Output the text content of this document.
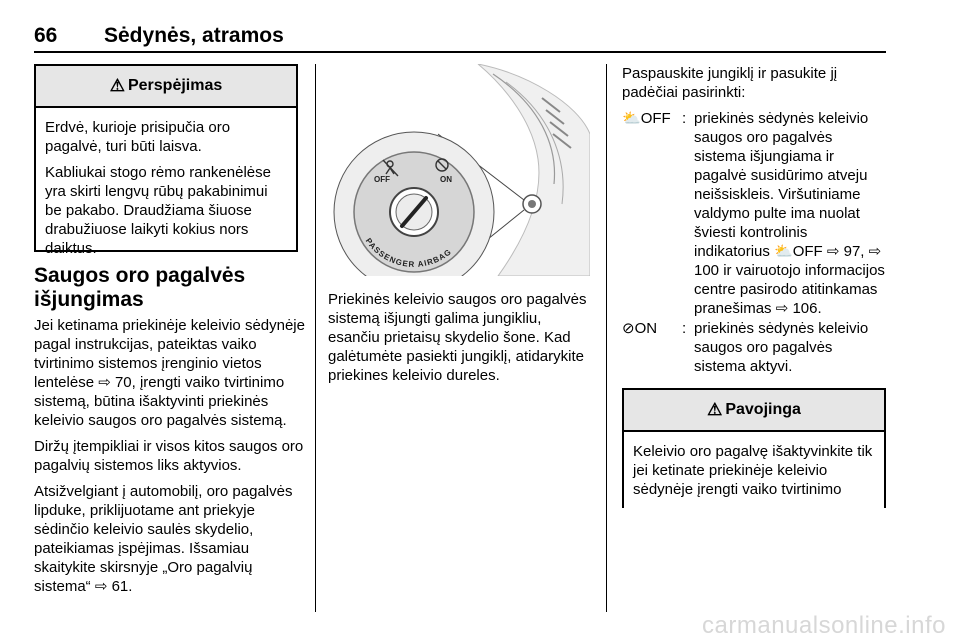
66 Sėdynės, atramos
⚠ Perspėjimas

Erdvė, kurioje prisipučia oro pagalvė, turi būti laisva.

Kabliukai stogo rėmo rankenėlėse yra skirti lengvų rūbų pakabinimui be pakabo. Draudžiama šiuose drabužiuose laikyti kokius nors daiktus.

Saugos oro pagalvės išjungimas

Jei ketinama priekinėje keleivio sėdynėje pagal instrukcijas, pateiktas vaiko tvirtinimo sistemos įrenginio vietos lentelėse ⇨ 70, įrengti vaiko tvirtinimo sistemą, būtina išaktyvinti priekinės keleivio saugos oro pagalvės sistemą.

Diržų įtempikliai ir visos kitos saugos oro pagalvių sistemos liks aktyvios.

Atsižvelgiant į automobilį, oro pagalvės lipduke, priklijuotame ant priekyje sėdinčio keleivio saulės skydelio, pateikiamas įspėjimas. Išsamiau skaitykite skirsnyje „Oro pagalvių sistema“ ⇨ 61.

PASSENGER AIRBAG
OFF	ON

Priekinės keleivio saugos oro pagalvės sistemą išjungti galima jungikliu, esančiu prietaisų skydelio šone. Kad galėtumėte pasiekti jungiklį, atidarykite priekines keleivio dureles.

Paspauskite jungiklį ir pasukite jį padėčiai pasirinkti:

⛅OFF : priekinės sėdynės keleivio saugos oro pagalvės sistema išjungiama ir pagalvė susidūrimo atveju neišsiskleis. Viršutiniame valdymo pulte ima nuolat šviesti kontrolinis indikatorius ⛅OFF ⇨ 97, ⇨ 100 ir vairuotojo informacijos centre pasirodo atitinkamas pranešimas ⇨ 106.
⊘ON	: priekinės sėdynės keleivio saugos oro pagalvės sistema aktyvi.
⚠ Pavojinga

Keleivio oro pagalvę išaktyvinkite tik jei ketinate priekinėje keleivio sėdynėje įrengti vaiko tvirtinimo

carmanualsonline.info
